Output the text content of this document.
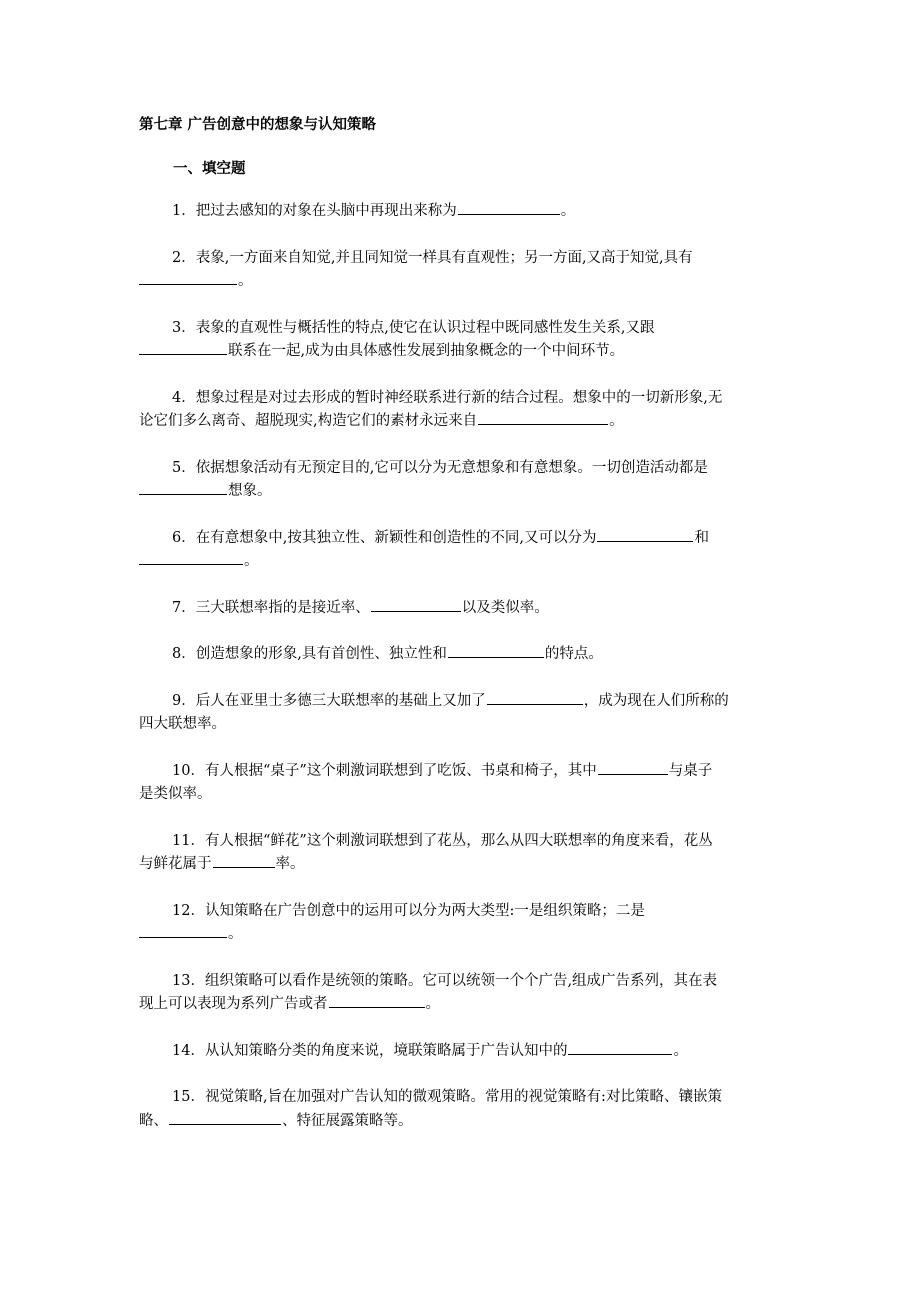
第七章 广告创意中的想象与认知策略
一、填空题
1．把过去感知的对象在头脑中再现出来称为	。
2．表象,一方面来自知觉,并且同知觉一样具有直观性；另一方面,又高于知觉,具有
。
3．表象的直观性与概括性的特点,使它在认识过程中既同感性发生关系,又跟
联系在一起,成为由具体感性发展到抽象概念的一个中间环节。
4．想象过程是对过去形成的暂时神经联系进行新的结合过程。想象中的一切新形象,无
论它们多么离奇、超脱现实,构造它们的素材永远来自	。
5．依据想象活动有无预定目的,它可以分为无意想象和有意想象。一切创造活动都是
想象。
6．在有意想象中,按其独立性、新颖性和创造性的不同,又可以分为	和
。
7．三大联想率指的是接近率、	以及类似率。
8．创造想象的形象,具有首创性、独立性和	的特点。
9．后人在亚里士多德三大联想率的基础上又加了	，成为现在人们所称的
四大联想率。
10．有人根据“桌子”这个刺激词联想到了吃饭、书桌和椅子，其中	与桌子
是类似率。
11．有人根据“鲜花”这个刺激词联想到了花丛，那么从四大联想率的角度来看，花丛
与鲜花属于	率。
12．认知策略在广告创意中的运用可以分为两大类型:一是组织策略；二是
。
13．组织策略可以看作是统领的策略。它可以统领一个个广告,组成广告系列，其在表
现上可以表现为系列广告或者	。
14．从认知策略分类的角度来说，境联策略属于广告认知中的	。
15．视觉策略,旨在加强对广告认知的微观策略。常用的视觉策略有:对比策略、镶嵌策
略、	、特征展露策略等。
